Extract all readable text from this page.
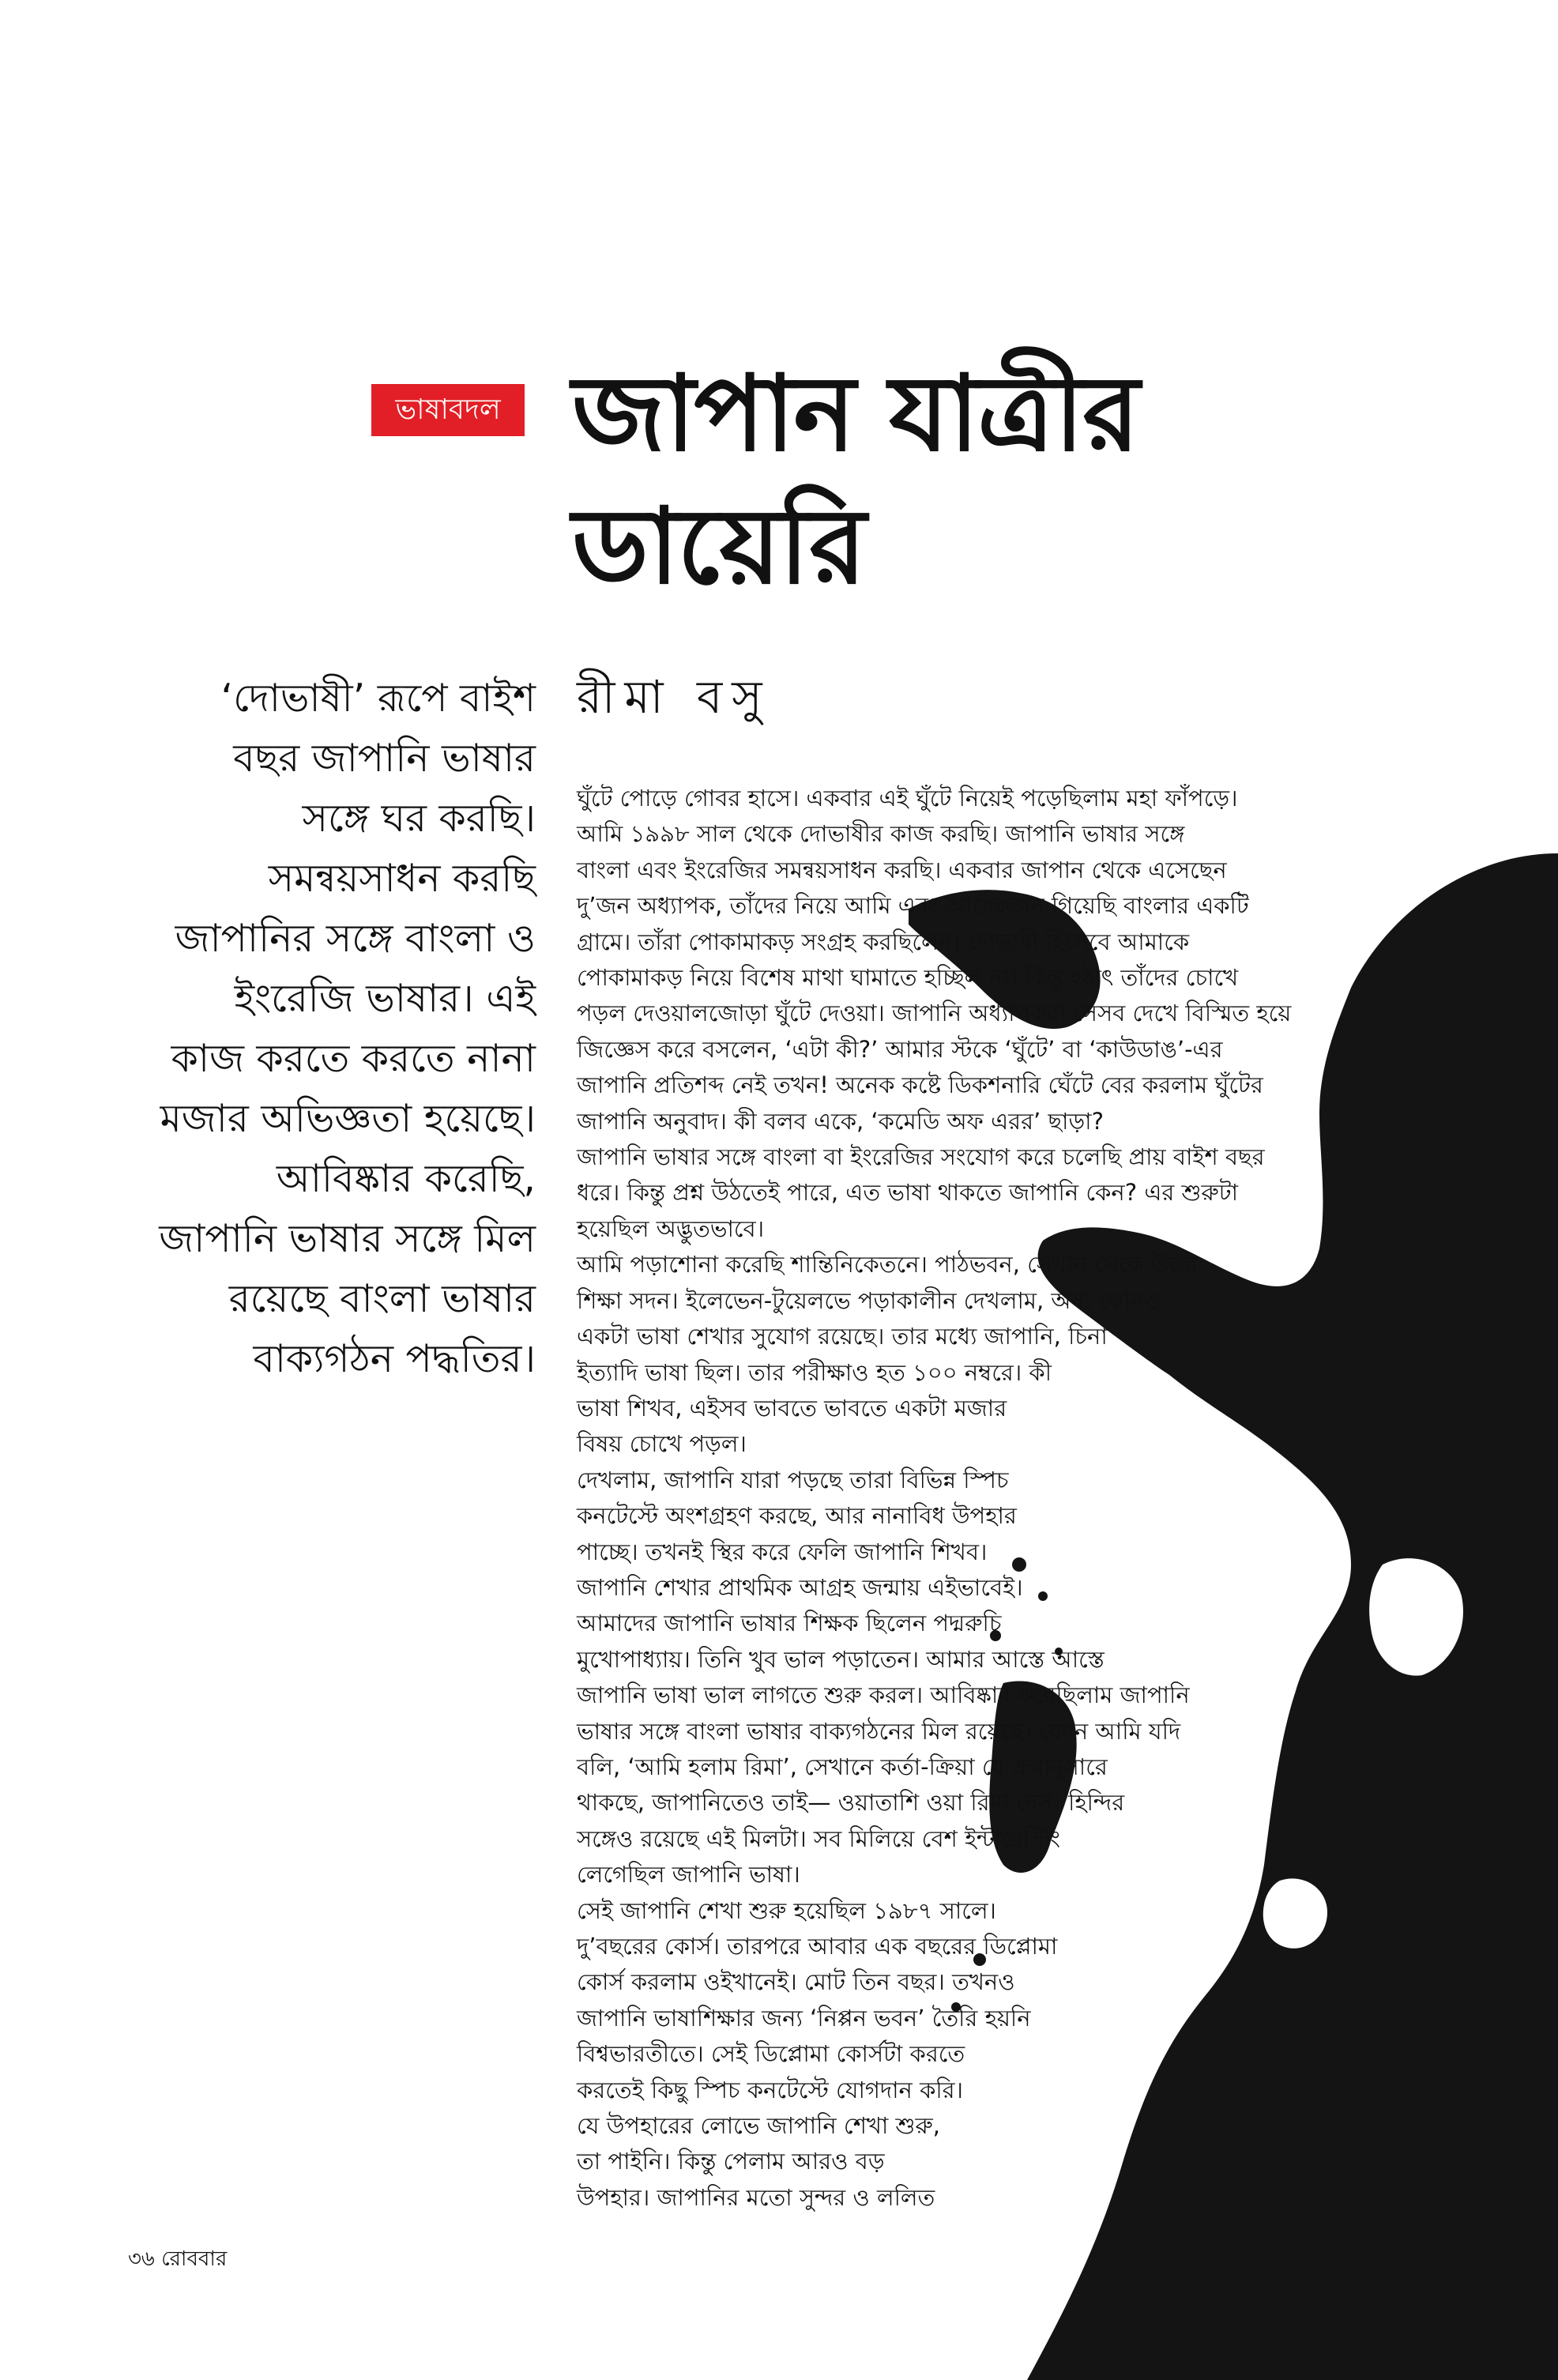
ভাষাবদল জাপান যাত্রীর
ডায়েরি
রীমা বসু
‘দোভাষী’ রূপে বাইশ
বছর জাপানি ভাষার
সঙ্গে ঘর করছি।
সমন্বয়সাধন করছি
জাপানির সঙ্গে বাংলা ও
ইংরেজি ভাষার। এই
কাজ করতে করতে নানা
মজার অভিজ্ঞতা হয়েছে।
আবিষ্কার করেছি,
জাপানি ভাষার সঙ্গে মিল
রয়েছে বাংলা ভাষার
বাক্যগঠন পদ্ধতির।
ঘুঁটে পোড়ে গোবর হাসে। একবার এই ঘুঁটে নিয়েই পড়েছিলাম মহা ফাঁপড়ে।
আমি ১৯৯৮ সাল থেকে দোভাষীর কাজ করছি। জাপানি ভাষার সঙ্গে
বাংলা এবং ইংরেজির সমন্বয়সাধন করছি। একবার জাপান থেকে এসেছেন
দু’জন অধ্যাপক, তাঁদের নিয়ে আমি এবং আরেকজন গিয়েছি বাংলার একটি
গ্রামে। তাঁরা পোকামাকড় সংগ্রহ করছিলেন। দোভাষী হিসেবে আমাকে
পোকামাকড় নিয়ে বিশেষ মাথা ঘামাতে হচ্ছিল না। কিন্তু হঠাৎ তাঁদের চোখে
পড়ল দেওয়ালজোড়া ঘুঁটে দেওয়া। জাপানি অধ্যাপকরা সেসব দেখে বিস্মিত হয়ে
জিজ্ঞেস করে বসলেন, ‘এটা কী?’ আমার স্টকে ‘ঘুঁটে’ বা ‘কাউডাঙ’-এর
জাপানি প্রতিশব্দ নেই তখন! অনেক কষ্টে ডিকশনারি ঘেঁটে বের করলাম ঘুঁটের
জাপানি অনুবাদ। কী বলব একে, ‘কমেডি অফ এরর’ ছাড়া?
জাপানি ভাষার সঙ্গে বাংলা বা ইংরেজির সংযোগ করে চলেছি প্রায় বাইশ বছর
ধরে। কিন্তু প্রশ্ন উঠতেই পারে, এত ভাষা থাকতে জাপানি কেন? এর শুরুটা
হয়েছিল অদ্ভুতভাবে।
আমি পড়াশোনা করেছি শান্তিনিকেতনে। পাঠভবন, সেখান থেকে উত্তর
শিক্ষা সদন। ইলেভেন-টুয়েলভে পড়াকালীন দেখলাম, অন্য কোনও
একটা ভাষা শেখার সুযোগ রয়েছে। তার মধ্যে জাপানি, চিনা
ইত্যাদি ভাষা ছিল। তার পরীক্ষাও হত ১০০ নম্বরে। কী
ভাষা শিখব, এইসব ভাবতে ভাবতে একটা মজার
বিষয় চোখে পড়ল।
দেখলাম, জাপানি যারা পড়ছে তারা বিভিন্ন স্পিচ
কনটেস্টে অংশগ্রহণ করছে, আর নানাবিধ উপহার
পাচ্ছে। তখনই স্থির করে ফেলি জাপানি শিখব।
জাপানি শেখার প্রাথমিক আগ্রহ জন্মায় এইভাবেই।
আমাদের জাপানি ভাষার শিক্ষক ছিলেন পদ্মরুচি
মুখোপাধ্যায়। তিনি খুব ভাল পড়াতেন। আমার আস্তে আস্তে
জাপানি ভাষা ভাল লাগতে শুরু করল। আবিষ্কার করেছিলাম জাপানি
ভাষার সঙ্গে বাংলা ভাষার বাক্যগঠনের মিল রয়েছে। যেমন আমি যদি
বলি, ‘আমি হলাম রিমা’, সেখানে কর্তা-ক্রিয়া যে ক্রমানুসারে
থাকছে, জাপানিতেও তাই— ওয়াতাশি ওয়া রিমা দেস। হিন্দির
সঙ্গেও রয়েছে এই মিলটা। সব মিলিয়ে বেশ ইন্টারেস্টিং
লেগেছিল জাপানি ভাষা।
সেই জাপানি শেখা শুরু হয়েছিল ১৯৮৭ সালে।
দু’বছরের কোর্স। তারপরে আবার এক বছরের ডিপ্লোমা
কোর্স করলাম ওইখানেই। মোট তিন বছর। তখনও
জাপানি ভাষাশিক্ষার জন্য ‘নিপ্পন ভবন’ তৈরি হয়নি
বিশ্বভারতীতে। সেই ডিপ্লোমা কোর্সটা করতে
করতেই কিছু স্পিচ কনটেস্টে যোগদান করি।
যে উপহারের লোভে জাপানি শেখা শুরু,
তা পাইনি। কিন্তু পেলাম আরও বড়
উপহার। জাপানির মতো সুন্দর ও ললিত
৩৬ রোববার
